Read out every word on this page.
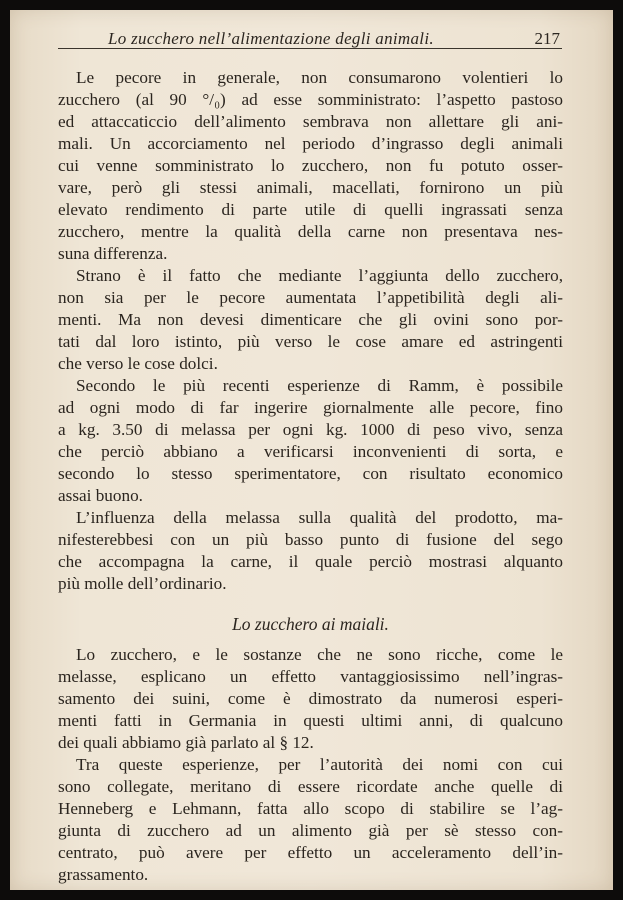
Lo zucchero nell’alimentazione degli animali.	217
Le pecore in generale, non consumarono volentieri lo
zucchero (al 90 °/₀) ad esse somministrato: l’aspetto pastoso
ed attaccaticcio dell’alimento sembrava non allettare gli ani-
mali. Un accorciamento nel periodo d’ingrasso degli animali
cui venne somministrato lo zucchero, non fu potuto osser-
vare, però gli stessi animali, macellati, fornirono un più
elevato rendimento di parte utile di quelli ingrassati senza
zucchero, mentre la qualità della carne non presentava nes-
suna differenza.
Strano è il fatto che mediante l’aggiunta dello zucchero,
non sia per le pecore aumentata l’appetibilità degli ali-
menti. Ma non devesi dimenticare che gli ovini sono por-
tati dal loro istinto, più verso le cose amare ed astringenti
che verso le cose dolci.
Secondo le più recenti esperienze di Ramm, è possibile
ad ogni modo di far ingerire giornalmente alle pecore, fino
a kg. 3.50 di melassa per ogni kg. 1000 di peso vivo, senza
che perciò abbiano a verificarsi inconvenienti di sorta, e
secondo lo stesso sperimentatore, con risultato economico
assai buono.
L’influenza della melassa sulla qualità del prodotto, ma-
nifesterebbesi con un più basso punto di fusione del sego
che accompagna la carne, il quale perciò mostrasi alquanto
più molle dell’ordinario.
Lo zucchero ai maiali.
Lo zucchero, e le sostanze che ne sono ricche, come le
melasse, esplicano un effetto vantaggiosissimo nell’ingras-
samento dei suini, come è dimostrato da numerosi esperi-
menti fatti in Germania in questi ultimi anni, di qualcuno
dei quali abbiamo già parlato al § 12.
Tra queste esperienze, per l’autorità dei nomi con cui
sono collegate, meritano di essere ricordate anche quelle di
Henneberg e Lehmann, fatta allo scopo di stabilire se l’ag-
giunta di zucchero ad un alimento già per sè stesso con-
centrato, può avere per effetto un acceleramento dell’in-
grassamento.
